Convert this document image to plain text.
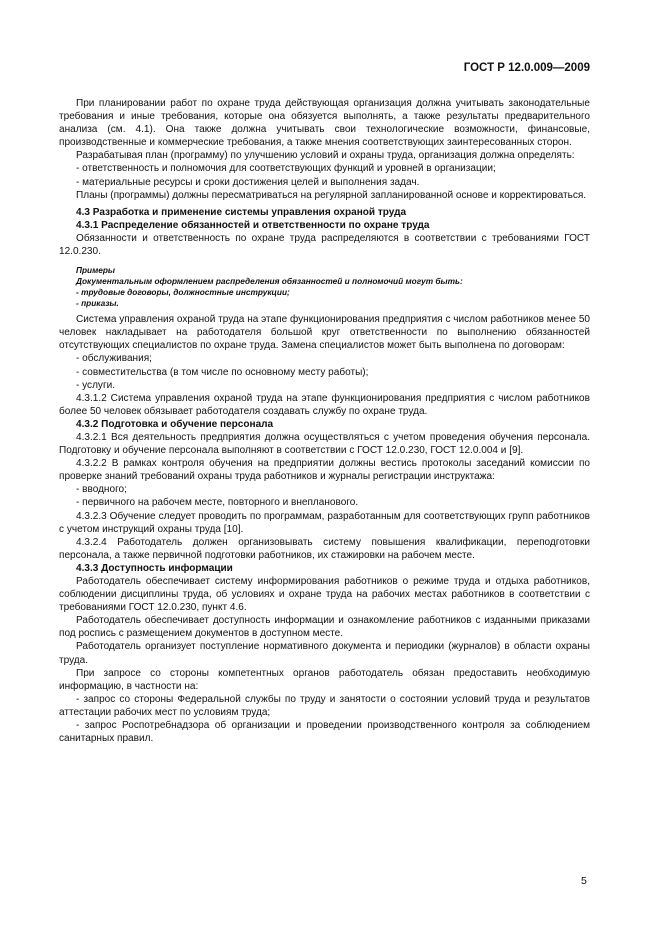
ГОСТ Р 12.0.009—2009

При планировании работ по охране труда действующая организация должна учитывать законодательные требования и иные требования, которые она обязуется выполнять, а также результаты предварительного анализа (см. 4.1). Она также должна учитывать свои технологические возможности, финансовые, производственные и коммерческие требования, а также мнения соответствующих заинтересованных сторон.

Разрабатывая план (программу) по улучшению условий и охраны труда, организация должна определять:

- ответственность и полномочия для соответствующих функций и уровней в организации;

- материальные ресурсы и сроки достижения целей и выполнения задач.

Планы (программы) должны пересматриваться на регулярной запланированной основе и корректироваться.

4.3 Разработка и применение системы управления охраной труда

4.3.1 Распределение обязанностей и ответственности по охране труда

Обязанности и ответственность по охране труда распределяются в соответствии с требованиями ГОСТ 12.0.230.

Примеры

Документальным оформлением распределения обязанностей и полномочий могут быть:

- трудовые договоры, должностные инструкции;

- приказы.

Система управления охраной труда на этапе функционирования предприятия с числом работников менее 50 человек накладывает на работодателя большой круг ответственности по выполнению обязанностей отсутствующих специалистов по охране труда. Замена специалистов может быть выполнена по договорам:

- обслуживания;

- совместительства (в том числе по основному месту работы);

- услуги.

4.3.1.2 Система управления охраной труда на этапе функционирования предприятия с числом работников более 50 человек обязывает работодателя создавать службу по охране труда.

4.3.2 Подготовка и обучение персонала

4.3.2.1 Вся деятельность предприятия должна осуществляться с учетом проведения обучения персонала. Подготовку и обучение персонала выполняют в соответствии с ГОСТ 12.0.230, ГОСТ 12.0.004 и [9].

4.3.2.2 В рамках контроля обучения на предприятии должны вестись протоколы заседаний комиссии по проверке знаний требований охраны труда работников и журналы регистрации инструктажа:

- вводного;

- первичного на рабочем месте, повторного и внепланового.

4.3.2.3 Обучение следует проводить по программам, разработанным для соответствующих групп работников с учетом инструкций охраны труда [10].

4.3.2.4 Работодатель должен организовывать систему повышения квалификации, переподготовки персонала, а также первичной подготовки работников, их стажировки на рабочем месте.

4.3.3 Доступность информации

Работодатель обеспечивает систему информирования работников о режиме труда и отдыха работников, соблюдении дисциплины труда, об условиях и охране труда на рабочих местах работников в соответствии с требованиями ГОСТ 12.0.230, пункт 4.6.

Работодатель обеспечивает доступность информации и ознакомление работников с изданными приказами под роспись с размещением документов в доступном месте.

Работодатель организует поступление нормативного документа и периодики (журналов) в области охраны труда.

При запросе со стороны компетентных органов работодатель обязан предоставить необходимую информацию, в частности на:

- запрос со стороны Федеральной службы по труду и занятости о состоянии условий труда и результатов аттестации рабочих мест по условиям труда;

- запрос Роспотребнадзора об организации и проведении производственного контроля за соблюдением санитарных правил.

5
